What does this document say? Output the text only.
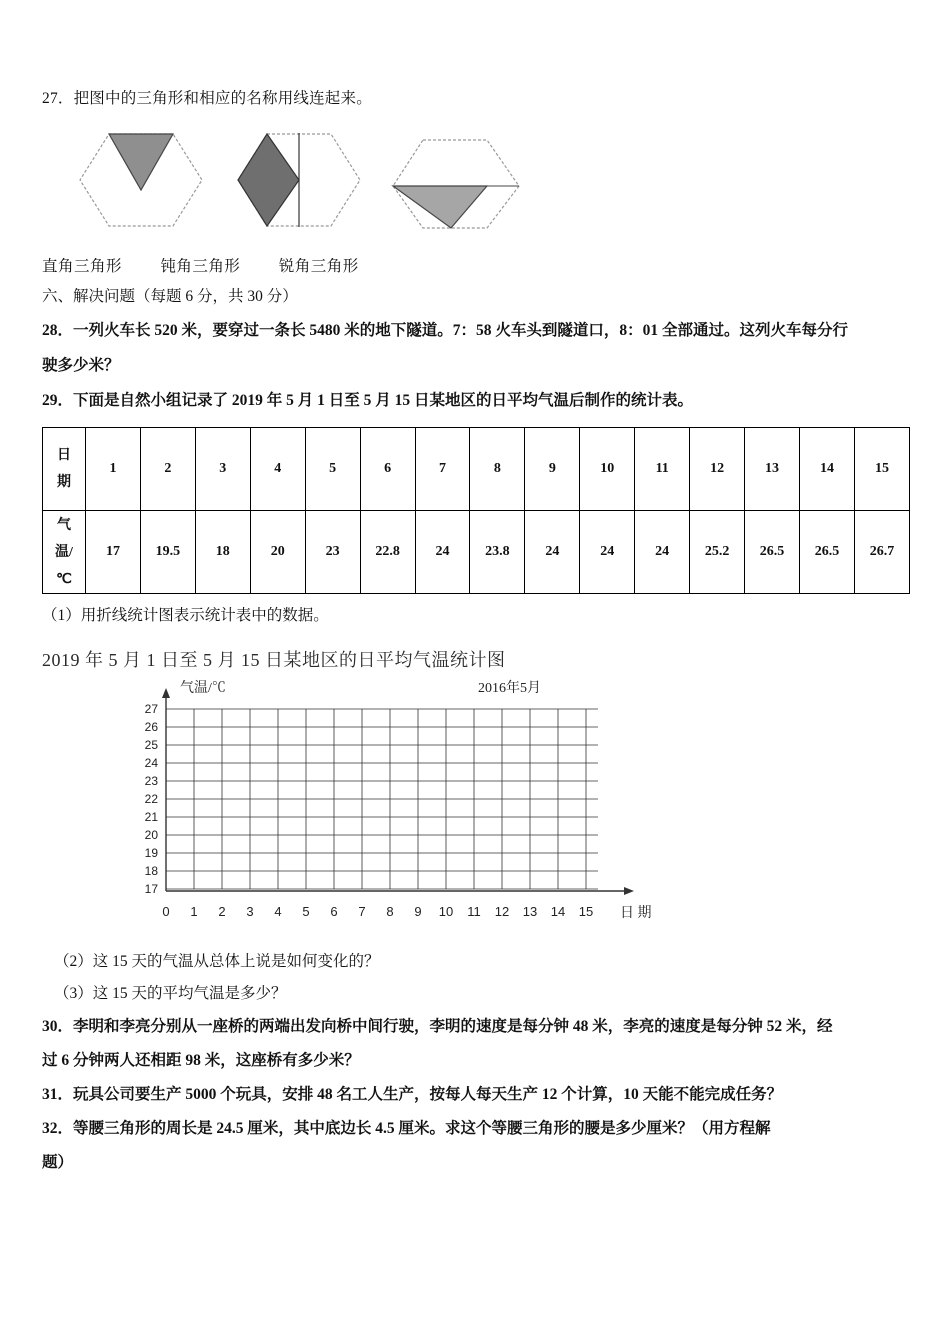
27．把图中的三角形和相应的名称用线连起来。
直角三角形 钝角三角形 锐角三角形
六、解决问题（每题 6 分，共 30 分）
28．一列火车长 520 米，要穿过一条长 5480 米的地下隧道。7：58 火车头到隧道口，8：01 全部通过。这列火车每分行
驶多少米？
29．下面是自然小组记录了 2019 年 5 月 1 日至 5 月 15 日某地区的日平均气温后制作的统计表。
日
期	1	2	3	4	5	6	7	8	9	10	11	12	13	14	15
气
温/
℃	17	19.5	18	20	23	22.8	24	23.8	24	24	24	25.2	26.5	26.5	26.7
（1）用折线统计图表示统计表中的数据。
2019 年 5 月 1 日至 5 月 15 日某地区的日平均气温统计图
27
26
25
24
23
22
21
20
19
18
17
0 1 2 3 4 5 6 7 8 9 10 11 12 13 14 15 日 期
气温/℃	2016年5月
（2）这 15 天的气温从总体上说是如何变化的？
（3）这 15 天的平均气温是多少？
30．李明和李亮分别从一座桥的两端出发向桥中间行驶，李明的速度是每分钟 48 米，李亮的速度是每分钟 52 米，经
过 6 分钟两人还相距 98 米，这座桥有多少米？
31．玩具公司要生产 5000 个玩具，安排 48 名工人生产，按每人每天生产 12 个计算，10 天能不能完成任务？
32．等腰三角形的周长是 24.5 厘米，其中底边长 4.5 厘米。求这个等腰三角形的腰是多少厘米？（用方程解
题）
